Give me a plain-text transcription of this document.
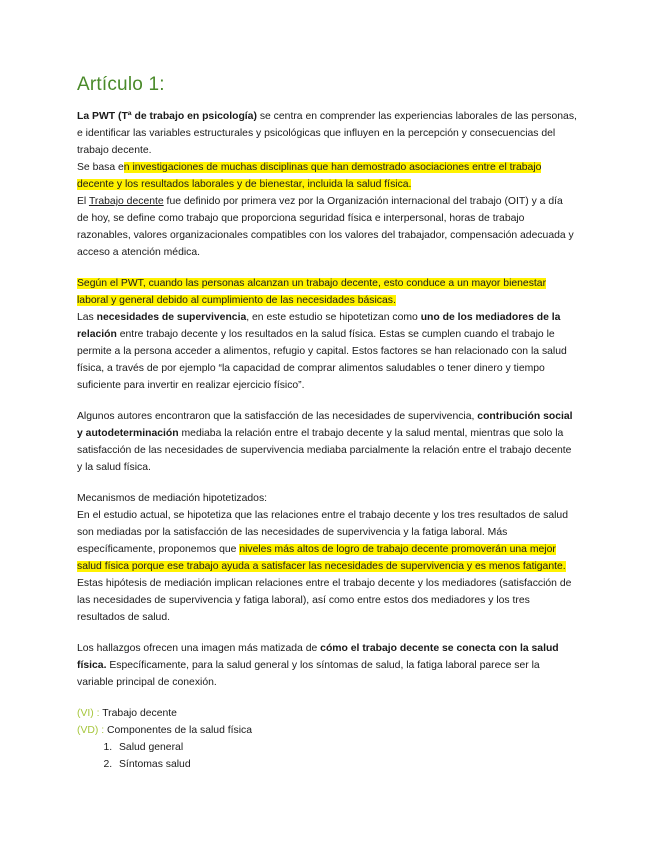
Artículo 1:

La PWT (Tª de trabajo en psicología) se centra en comprender las experiencias laborales de las personas, e identificar las variables estructurales y psicológicas que influyen en la percepción y consecuencias del trabajo decente.

Se basa en investigaciones de muchas disciplinas que han demostrado asociaciones entre el trabajo decente y los resultados laborales y de bienestar, incluida la salud física.

El Trabajo decente fue definido por primera vez por la Organización internacional del trabajo (OIT) y a día de hoy, se define como trabajo que proporciona seguridad física e interpersonal, horas de trabajo razonables, valores organizacionales compatibles con los valores del trabajador, compensación adecuada y acceso a atención médica.

Según el PWT, cuando las personas alcanzan un trabajo decente, esto conduce a un mayor bienestar laboral y general debido al cumplimiento de las necesidades básicas.

Las necesidades de supervivencia, en este estudio se hipotetizan como uno de los mediadores de la relación entre trabajo decente y los resultados en la salud física. Estas se cumplen cuando el trabajo le permite a la persona acceder a alimentos, refugio y capital. Estos factores se han relacionado con la salud física, a través de por ejemplo “la capacidad de comprar alimentos saludables o tener dinero y tiempo suficiente para invertir en realizar ejercicio físico”.

Algunos autores encontraron que la satisfacción de las necesidades de supervivencia, contribución social y autodeterminación mediaba la relación entre el trabajo decente y la salud mental, mientras que solo la satisfacción de las necesidades de supervivencia mediaba parcialmente la relación entre el trabajo decente y la salud física.

Mecanismos de mediación hipotetizados:

En el estudio actual, se hipotetiza que las relaciones entre el trabajo decente y los tres resultados de salud son mediadas por la satisfacción de las necesidades de supervivencia y la fatiga laboral. Más específicamente, proponemos que niveles más altos de logro de trabajo decente promoverán una mejor salud física porque ese trabajo ayuda a satisfacer las necesidades de supervivencia y es menos fatigante.

Estas hipótesis de mediación implican relaciones entre el trabajo decente y los mediadores (satisfacción de las necesidades de supervivencia y fatiga laboral), así como entre estos dos mediadores y los tres resultados de salud.

Los hallazgos ofrecen una imagen más matizada de cómo el trabajo decente se conecta con la salud física. Específicamente, para la salud general y los síntomas de salud, la fatiga laboral parece ser la variable principal de conexión.

(VI) : Trabajo decente

(VD) : Componentes de la salud física

1. Salud general
2. Síntomas salud
